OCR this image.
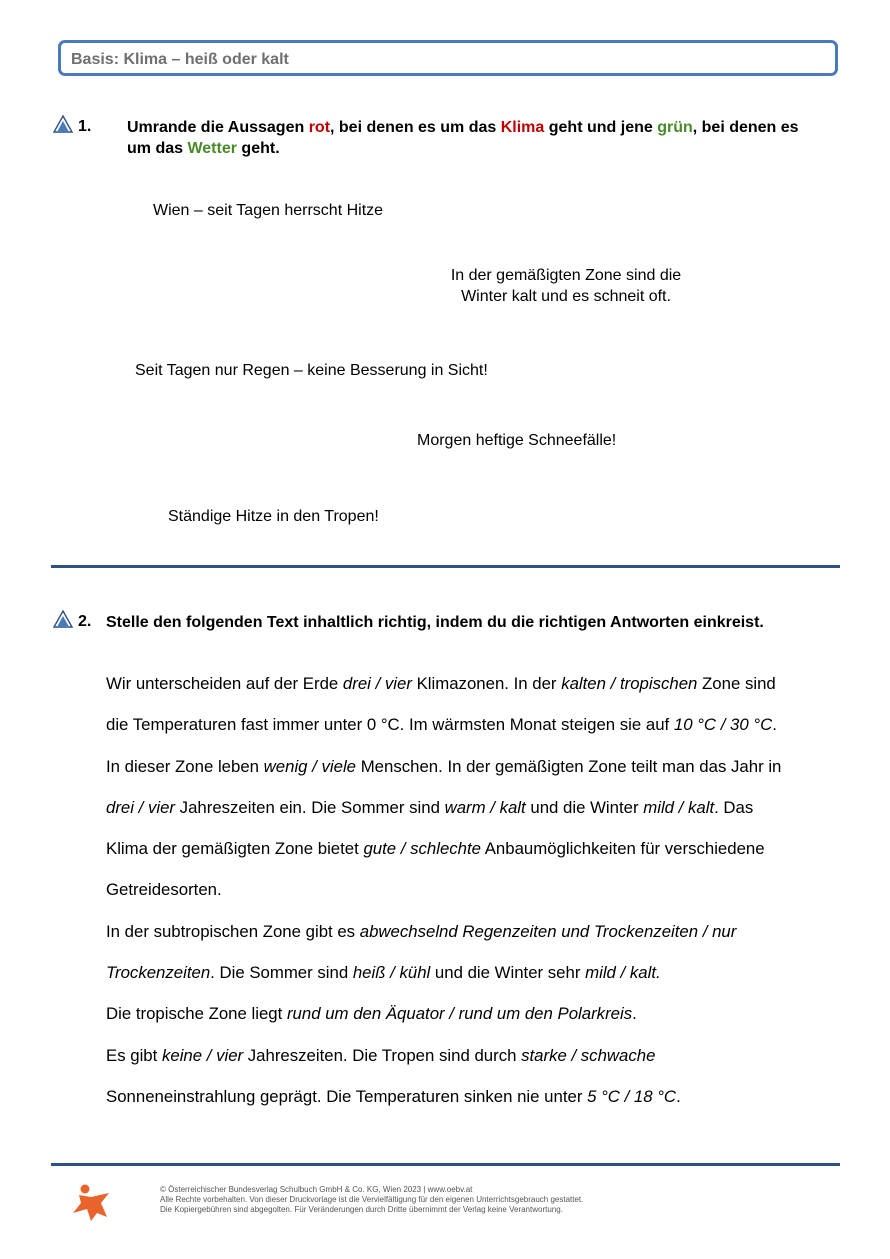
Basis: Klima – heiß oder kalt
1. Umrande die Aussagen rot, bei denen es um das Klima geht und jene grün, bei denen es um das Wetter geht.
Wien – seit Tagen herrscht Hitze
In der gemäßigten Zone sind die
Winter kalt und es schneit oft.
Seit Tagen nur Regen – keine Besserung in Sicht!
Morgen heftige Schneefälle!
Ständige Hitze in den Tropen!
2. Stelle den folgenden Text inhaltlich richtig, indem du die richtigen Antworten einkreist.
Wir unterscheiden auf der Erde drei / vier Klimazonen. In der kalten / tropischen Zone sind
die Temperaturen fast immer unter 0 °C. Im wärmsten Monat steigen sie auf 10 °C / 30 °C.
In dieser Zone leben wenig / viele Menschen. In der gemäßigten Zone teilt man das Jahr in
drei / vier Jahreszeiten ein. Die Sommer sind warm / kalt und die Winter mild / kalt. Das
Klima der gemäßigten Zone bietet gute / schlechte Anbaumöglichkeiten für verschiedene
Getreidesorten.
In der subtropischen Zone gibt es abwechselnd Regenzeiten und Trockenzeiten / nur
Trockenzeiten. Die Sommer sind heiß / kühl und die Winter sehr mild / kalt.
Die tropische Zone liegt rund um den Äquator / rund um den Polarkreis.
Es gibt keine / vier Jahreszeiten. Die Tropen sind durch starke / schwache
Sonneneinstrahlung geprägt. Die Temperaturen sinken nie unter 5 °C / 18 °C.
© Österreichischer Bundesverlag Schulbuch GmbH & Co. KG, Wien 2023 | www.oebv.at
Alle Rechte vorbehalten. Von dieser Druckvorlage ist die Vervielfältigung für den eigenen Unterrichtsgebrauch gestattet.
Die Kopiergebühren sind abgegolten. Für Veränderungen durch Dritte übernimmt der Verlag keine Verantwortung.
